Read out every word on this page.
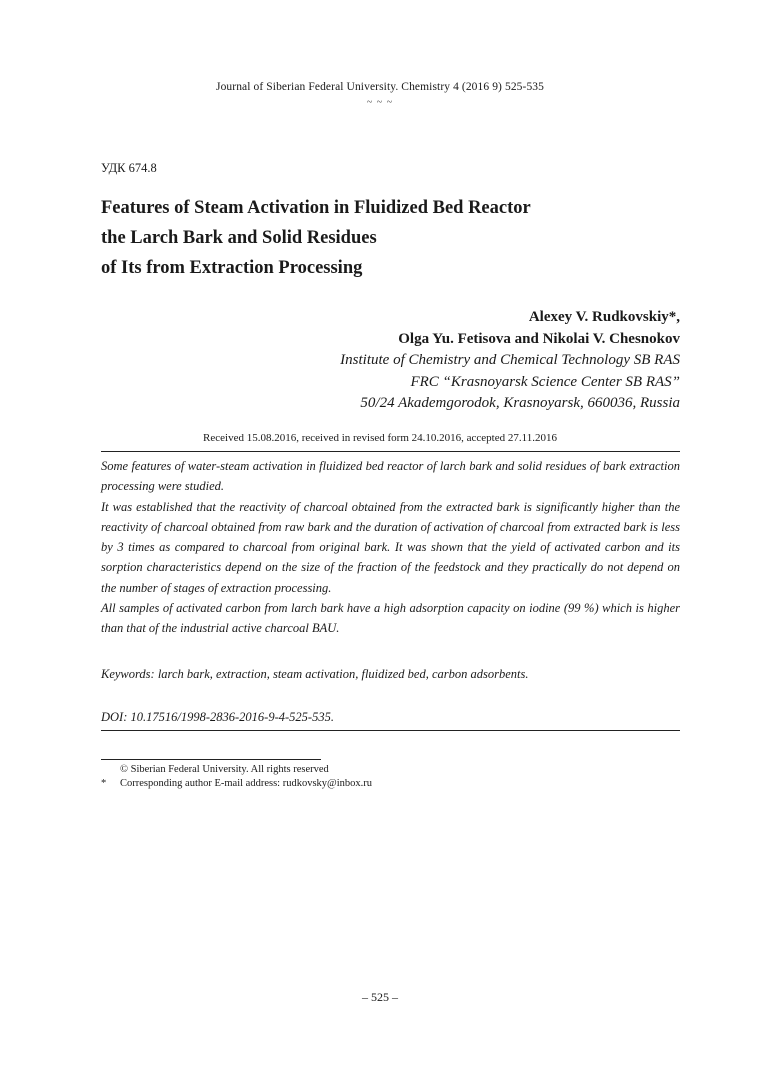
Journal of Siberian Federal University. Chemistry 4 (2016 9) 525-535
~ ~ ~
УДК 674.8
Features of Steam Activation in Fluidized Bed Reactor
the Larch Bark and Solid Residues
of Its from Extraction Processing
Alexey V. Rudkovskiy*,
Olga Yu. Fetisova and Nikolai V. Chesnokov
Institute of Chemistry and Chemical Technology SB RAS
FRC “Krasnoyarsk Science Center SB RAS”
50/24 Akademgorodok, Krasnoyarsk, 660036, Russia
Received 15.08.2016, received in revised form 24.10.2016, accepted 27.11.2016

Some features of water-steam activation in fluidized bed reactor of larch bark and solid residues of bark extraction processing were studied.

It was established that the reactivity of charcoal obtained from the extracted bark is significantly higher than the reactivity of charcoal obtained from raw bark and the duration of activation of charcoal from extracted bark is less by 3 times as compared to charcoal from original bark. It was shown that the yield of activated carbon and its sorption characteristics depend on the size of the fraction of the feedstock and they practically do not depend on the number of stages of extraction processing.

All samples of activated carbon from larch bark have a high adsorption capacity on iodine (99 %) which is higher than that of the industrial active charcoal BAU.

Keywords: larch bark, extraction, steam activation, fluidized bed, carbon adsorbents.
DOI: 10.17516/1998-2836-2016-9-4-525-535.
© Siberian Federal University. All rights reserved
* Corresponding author E-mail address: rudkovsky@inbox.ru
– 525 –
